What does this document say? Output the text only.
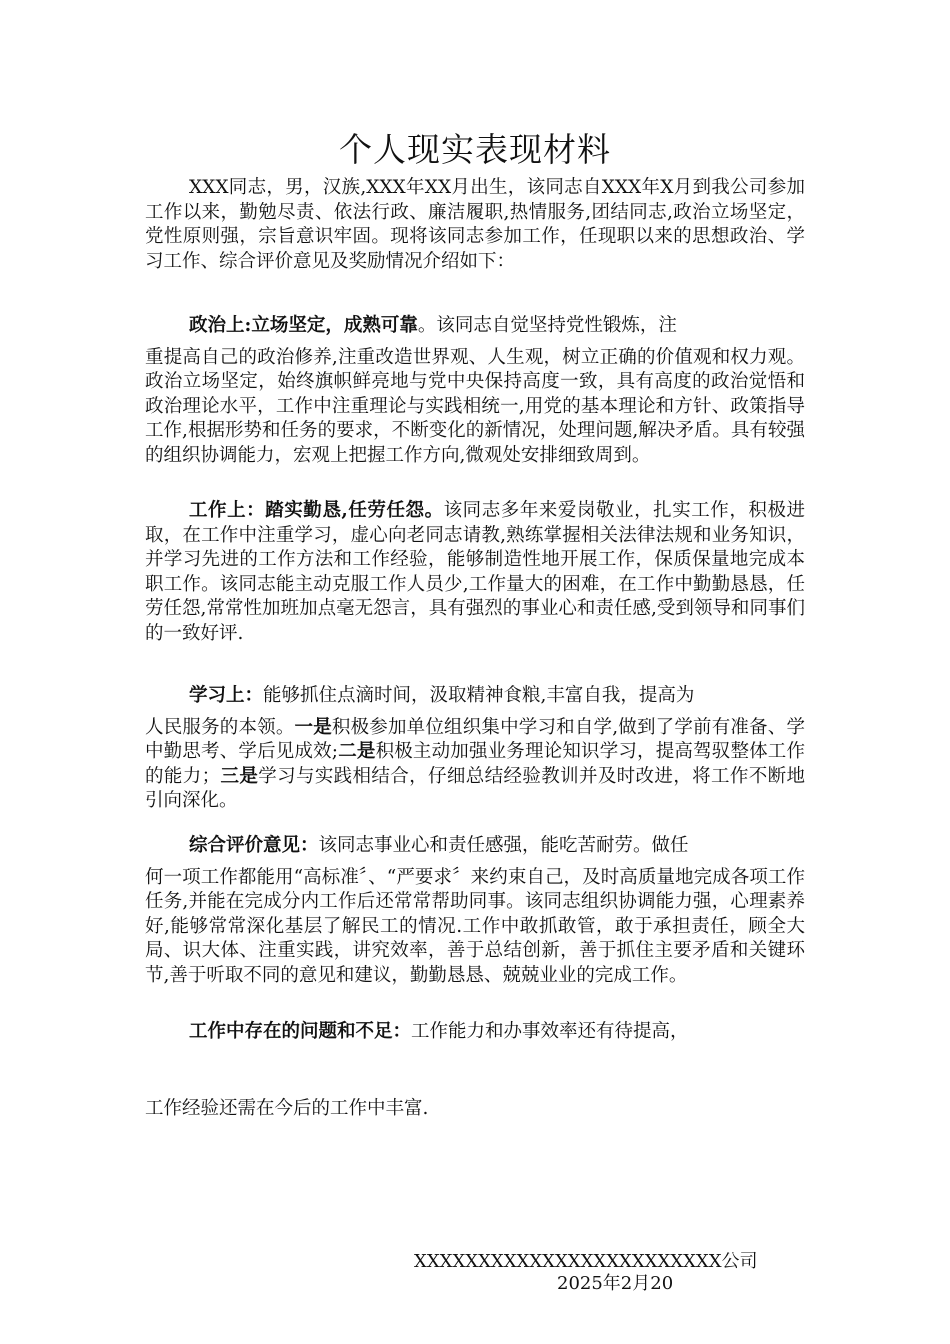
个人现实表现材料
XXX同志，男，汉族,XXX年XX月出生，该同志自XXX年X月到我公司参加工作以来，勤勉尽责、依法行政、廉洁履职,热情服务,团结同志,政治立场坚定，党性原则强，宗旨意识牢固。现将该同志参加工作，任现职以来的思想政治、学习工作、综合评价意见及奖励情况介绍如下：
政治上:立场坚定，成熟可靠。该同志自觉坚持党性锻炼，注
重提高自己的政治修养,注重改造世界观、人生观，树立正确的价值观和权力观。政治立场坚定，始终旗帜鲜亮地与党中央保持高度一致，具有高度的政治觉悟和政治理论水平，工作中注重理论与实践相统一,用党的基本理论和方针、政策指导工作,根据形势和任务的要求，不断变化的新情况，处理问题,解决矛盾。具有较强的组织协调能力，宏观上把握工作方向,微观处安排细致周到。
工作上：踏实勤恳,任劳任怨。该同志多年来爱岗敬业，扎实工作，积极进取，在工作中注重学习，虚心向老同志请教,熟练掌握相关法律法规和业务知识，并学习先进的工作方法和工作经验，能够制造性地开展工作，保质保量地完成本职工作。该同志能主动克服工作人员少,工作量大的困难，在工作中勤勤恳恳，任劳任怨,常常性加班加点毫无怨言，具有强烈的事业心和责任感,受到领导和同事们的一致好评.
学习上：能够抓住点滴时间，汲取精神食粮,丰富自我，提高为
人民服务的本领。一是积极参加单位组织集中学习和自学,做到了学前有准备、学中勤思考、学后见成效;二是积极主动加强业务理论知识学习，提高驾驭整体工作的能力；三是学习与实践相结合，仔细总结经验教训并及时改进，将工作不断地引向深化。
综合评价意见：该同志事业心和责任感强，能吃苦耐劳。做任
何一项工作都能用“高标准〞、“严要求〞来约束自己，及时高质量地完成各项工作任务,并能在完成分内工作后还常常帮助同事。该同志组织协调能力强，心理素养好,能够常常深化基层了解民工的情况.工作中敢抓敢管，敢于承担责任，顾全大局、识大体、注重实践，讲究效率，善于总结创新，善于抓住主要矛盾和关键环节,善于听取不同的意见和建议，勤勤恳恳、兢兢业业的完成工作。
工作中存在的问题和不足：工作能力和办事效率还有待提高，
工作经验还需在今后的工作中丰富.
XXXXXXXXXXXXXXXXXXXXXXXX公司
2025年2月20
